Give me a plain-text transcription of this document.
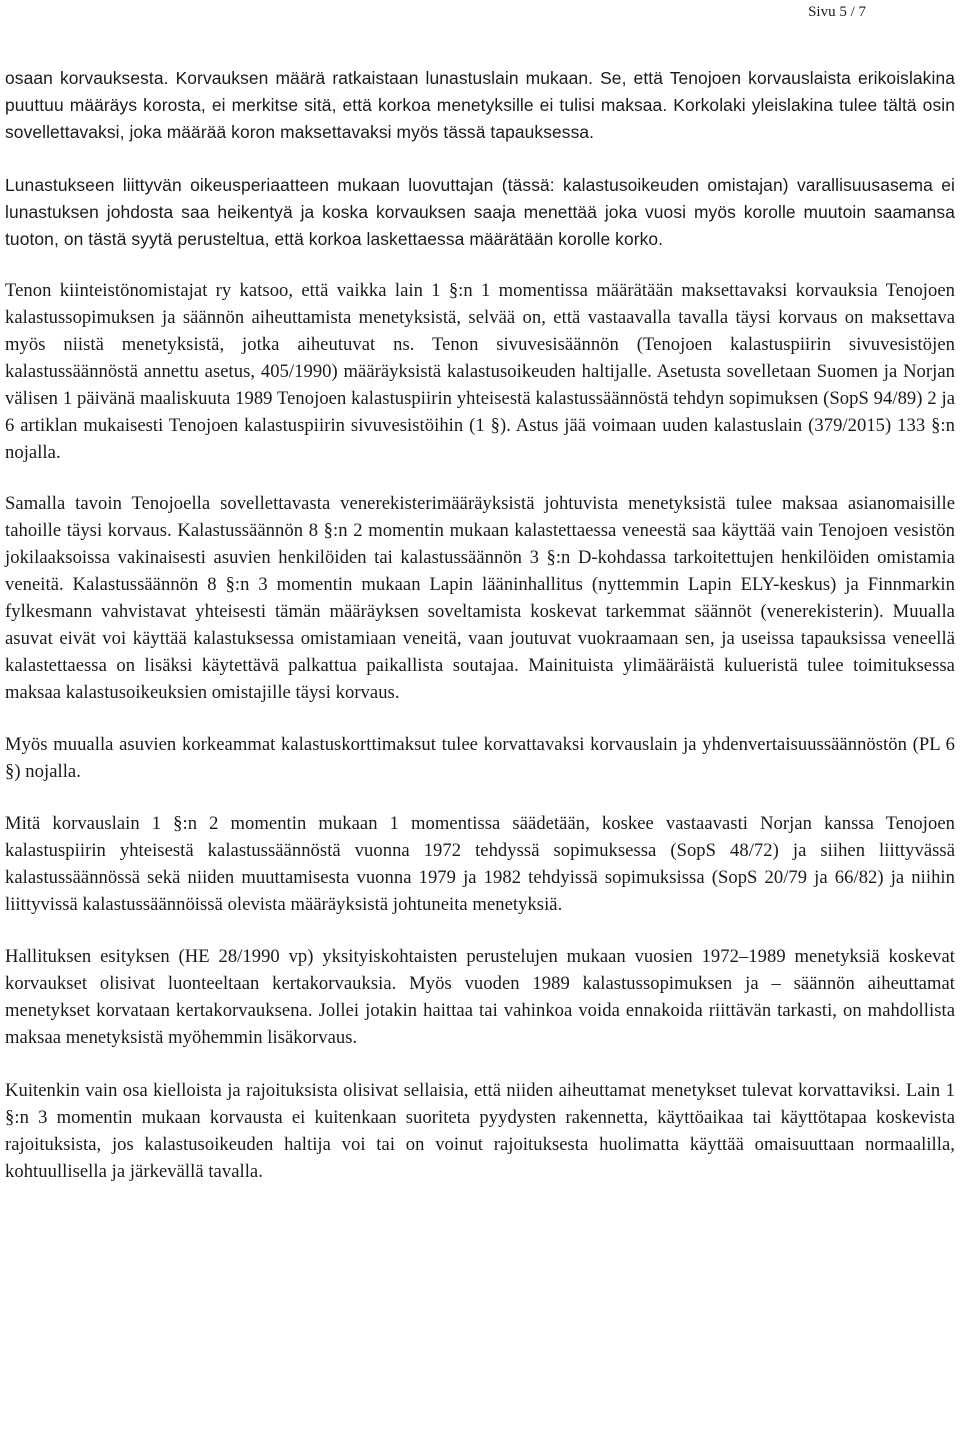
Sivu 5 / 7

osaan korvauksesta. Korvauksen määrä ratkaistaan lunastuslain mukaan. Se, että Tenojoen korvauslaista erikoislakina puuttuu määräys korosta, ei merkitse sitä, että korkoa menetyksille ei tulisi maksaa. Korkolaki yleislakina tulee tältä osin sovellettavaksi, joka määrää koron maksettavaksi myös tässä tapauksessa.

Lunastukseen liittyvän oikeusperiaatteen mukaan luovuttajan (tässä: kalastusoikeuden omistajan) varallisuusasema ei lunastuksen johdosta saa heikentyä ja koska korvauksen saaja menettää joka vuosi myös korolle muutoin saamansa tuoton, on tästä syytä perusteltua, että korkoa laskettaessa määrätään korolle korko.

Tenon kiinteistönomistajat ry katsoo, että vaikka lain 1 §:n 1 momentissa määrätään maksettavaksi korvauksia Tenojoen kalastussopimuksen ja säännön aiheuttamista menetyksistä, selvää on, että vastaavalla tavalla täysi korvaus on maksettava myös niistä menetyksistä, jotka aiheutuvat ns. Tenon sivuvesisäännön (Tenojoen kalastuspiirin sivuvesistöjen kalastussäännöstä annettu asetus, 405/1990) määräyksistä kalastusoikeuden haltijalle. Asetusta sovelletaan Suomen ja Norjan välisen 1 päivänä maaliskuuta 1989 Tenojoen kalastuspiirin yhteisestä kalastussäännöstä tehdyn sopimuksen (SopS 94/89) 2 ja 6 artiklan mukaisesti Tenojoen kalastuspiirin sivuvesistöihin (1 §). Astus jää voimaan uuden kalastuslain (379/2015) 133 §:n nojalla.

Samalla tavoin Tenojoella sovellettavasta venerekisterimääräyksistä johtuvista menetyksistä tulee maksaa asianomaisille tahoille täysi korvaus. Kalastussäännön 8 §:n 2 momentin mukaan kalastettaessa veneestä saa käyttää vain Tenojoen vesistön jokilaaksoissa vakinaisesti asuvien henkilöiden tai kalastussäännön 3 §:n D-kohdassa tarkoitettujen henkilöiden omistamia veneitä. Kalastussäännön 8 §:n 3 momentin mukaan Lapin lääninhallitus (nyttemmin Lapin ELY-keskus) ja Finnmarkin fylkesmann vahvistavat yhteisesti tämän määräyksen soveltamista koskevat tarkemmat säännöt (venerekisterin). Muualla asuvat eivät voi käyttää kalastuksessa omistamiaan veneitä, vaan joutuvat vuokraamaan sen, ja useissa tapauksissa veneellä kalastettaessa on lisäksi käytettävä palkattua paikallista soutajaa. Mainituista ylimääräistä kulueristä tulee toimituksessa maksaa kalastusoikeuksien omistajille täysi korvaus.

Myös muualla asuvien korkeammat kalastuskorttimaksut tulee korvattavaksi korvauslain ja yhdenvertaisuussäännöstön (PL 6 §) nojalla.

Mitä korvauslain 1 §:n 2 momentin mukaan 1 momentissa säädetään, koskee vastaavasti Norjan kanssa Tenojoen kalastuspiirin yhteisestä kalastussäännöstä vuonna 1972 tehdyssä sopimuksessa (SopS 48/72) ja siihen liittyvässä kalastussäännössä sekä niiden muuttamisesta vuonna 1979 ja 1982 tehdyissä sopimuksissa (SopS 20/79 ja 66/82) ja niihin liittyvissä kalastussäännöissä olevista määräyksistä johtuneita menetyksiä.

Hallituksen esityksen (HE 28/1990 vp) yksityiskohtaisten perustelujen mukaan vuosien 1972–1989 menetyksiä koskevat korvaukset olisivat luonteeltaan kertakorvauksia. Myös vuoden 1989 kalastussopimuksen ja – säännön aiheuttamat menetykset korvataan kertakorvauksena. Jollei jotakin haittaa tai vahinkoa voida ennakoida riittävän tarkasti, on mahdollista maksaa menetyksistä myöhemmin lisäkorvaus.

Kuitenkin vain osa kielloista ja rajoituksista olisivat sellaisia, että niiden aiheuttamat menetykset tulevat korvattaviksi. Lain 1 §:n 3 momentin mukaan korvausta ei kuitenkaan suoriteta pyydysten rakennetta, käyttöaikaa tai käyttötapaa koskevista rajoituksista, jos kalastusoikeuden haltija voi tai on voinut rajoituksesta huolimatta käyttää omaisuuttaan normaalilla, kohtuullisella ja järkevällä tavalla.
